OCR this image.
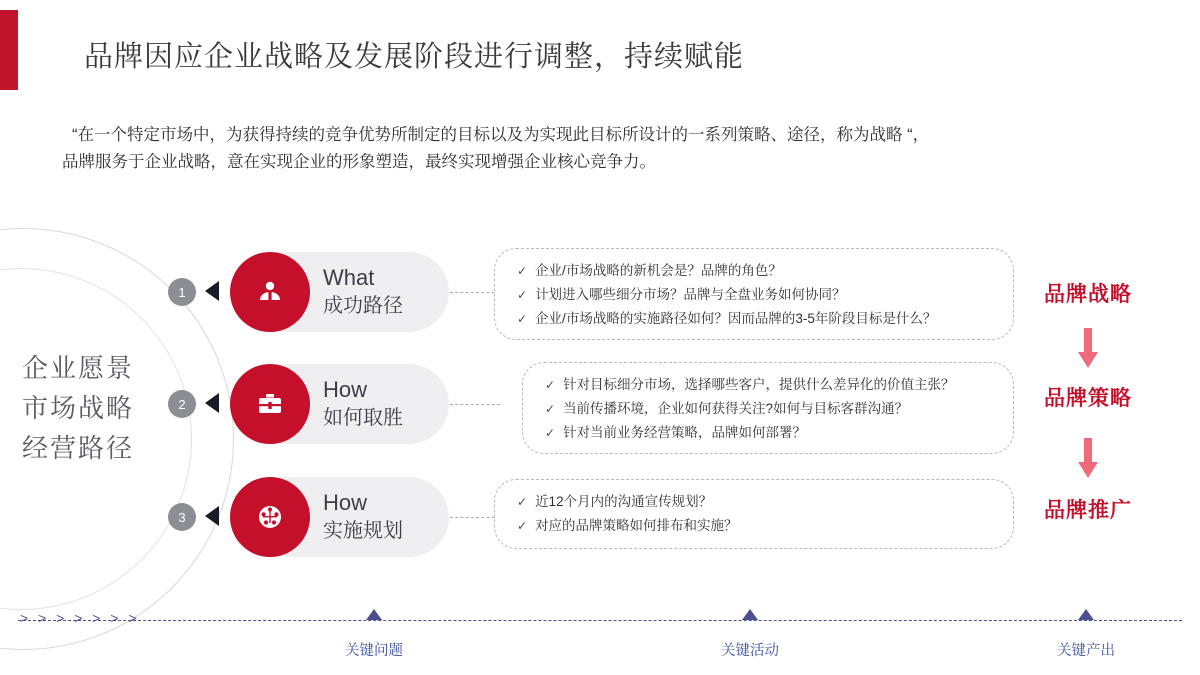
品牌因应企业战略及发展阶段进行调整，持续赋能
“在一个特定市场中，为获得持续的竞争优势所制定的目标以及为实现此目标所设计的一系列策略、途径，称为战略 “，
品牌服务于企业战略，意在实现企业的形象塑造，最终实现增强企业核心竞争力。
企业愿景
市场战略
经营路径
1
What
成功路径
✓ 企业/市场战略的新机会是？品牌的角色？
✓ 计划进入哪些细分市场？品牌与全盘业务如何协同？
✓ 企业/市场战略的实施路径如何？因而品牌的3-5年阶段目标是什么？
品牌战略
2
How
如何取胜
✓ 针对目标细分市场，选择哪些客户，提供什么差异化的价值主张？
✓ 当前传播环境，企业如何获得关注?如何与目标客群沟通？
✓ 针对当前业务经营策略，品牌如何部署？
品牌策略
3
How
实施规划
✓ 近12个月内的沟通宣传规划？
✓ 对应的品牌策略如何排布和实施？
品牌推广
> > > > > > >
关键问题	关键活动	关键产出
